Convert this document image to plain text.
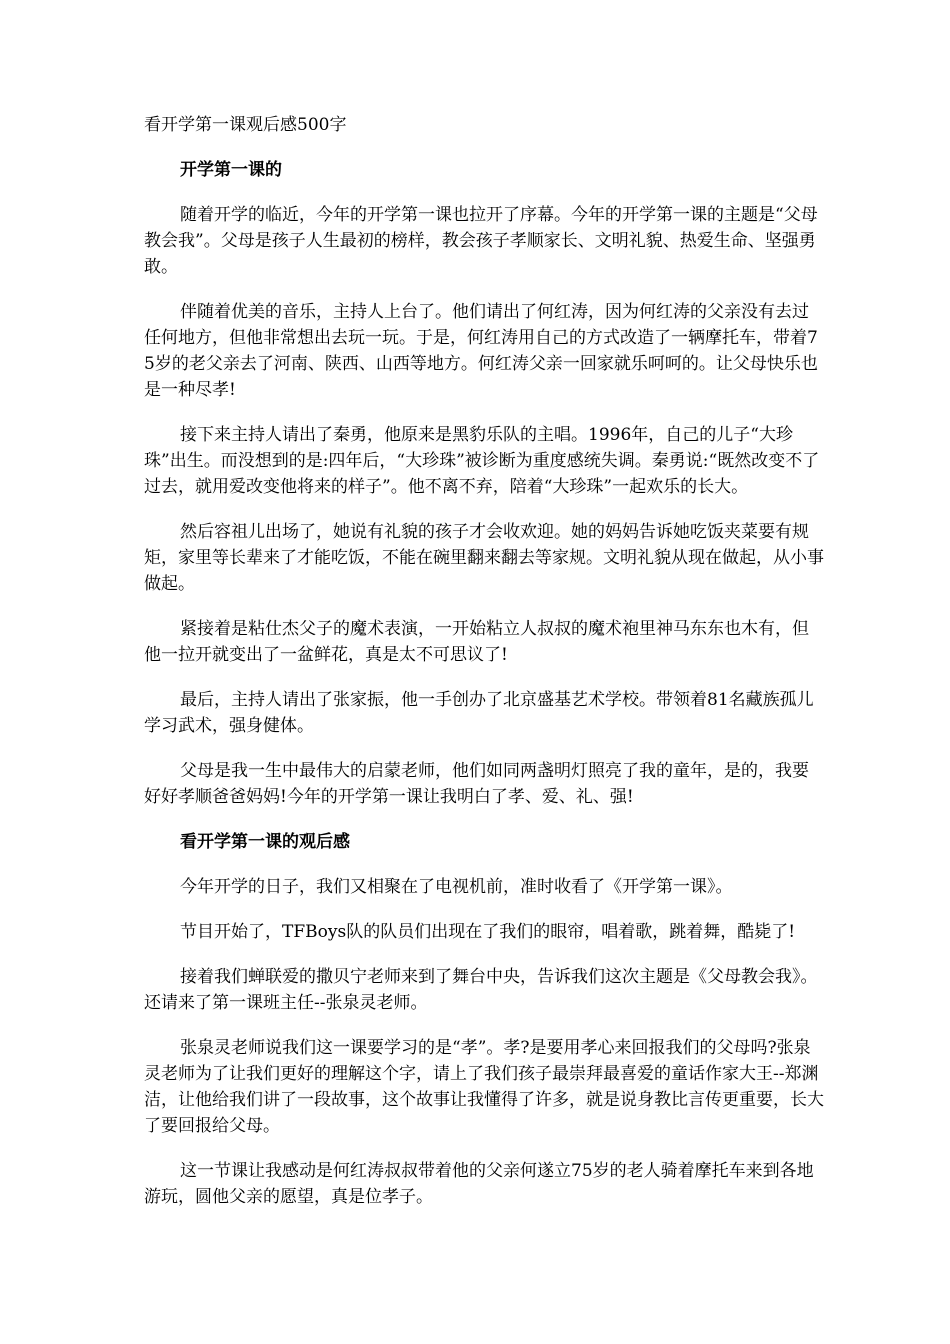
看开学第一课观后感500字
开学第一课的

随着开学的临近，今年的开学第一课也拉开了序幕。今年的开学第一课的主题是“父母教会我”。父母是孩子人生最初的榜样，教会孩子孝顺家长、文明礼貌、热爱生命、坚强勇敢。

伴随着优美的音乐，主持人上台了。他们请出了何红涛，因为何红涛的父亲没有去过任何地方，但他非常想出去玩一玩。于是，何红涛用自己的方式改造了一辆摩托车，带着75岁的老父亲去了河南、陕西、山西等地方。何红涛父亲一回家就乐呵呵的。让父母快乐也是一种尽孝!

接下来主持人请出了秦勇，他原来是黑豹乐队的主唱。1996年，自己的儿子“大珍珠”出生。而没想到的是:四年后，“大珍珠”被诊断为重度感统失调。秦勇说:“既然改变不了过去，就用爱改变他将来的样子”。他不离不弃，陪着“大珍珠”一起欢乐的长大。

然后容祖儿出场了，她说有礼貌的孩子才会收欢迎。她的妈妈告诉她吃饭夹菜要有规矩，家里等长辈来了才能吃饭，不能在碗里翻来翻去等家规。文明礼貌从现在做起，从小事做起。

紧接着是粘仕杰父子的魔术表演，一开始粘立人叔叔的魔术袍里神马东东也木有，但他一拉开就变出了一盆鲜花，真是太不可思议了!

最后，主持人请出了张家振，他一手创办了北京盛基艺术学校。带领着81名藏族孤儿学习武术，强身健体。

父母是我一生中最伟大的启蒙老师，他们如同两盏明灯照亮了我的童年，是的，我要好好孝顺爸爸妈妈!今年的开学第一课让我明白了孝、爱、礼、强!

看开学第一课的观后感

今年开学的日子，我们又相聚在了电视机前，准时收看了《开学第一课》。

节目开始了，TFBoys队的队员们出现在了我们的眼帘，唱着歌，跳着舞，酷毙了!

接着我们蝉联爱的撒贝宁老师来到了舞台中央，告诉我们这次主题是《父母教会我》。还请来了第一课班主任--张泉灵老师。

张泉灵老师说我们这一课要学习的是“孝”。孝?是要用孝心来回报我们的父母吗?张泉灵老师为了让我们更好的理解这个字，请上了我们孩子最崇拜最喜爱的童话作家大王--郑渊洁，让他给我们讲了一段故事，这个故事让我懂得了许多，就是说身教比言传更重要，长大了要回报给父母。

这一节课让我感动是何红涛叔叔带着他的父亲何遂立75岁的老人骑着摩托车来到各地游玩，圆他父亲的愿望，真是位孝子。
